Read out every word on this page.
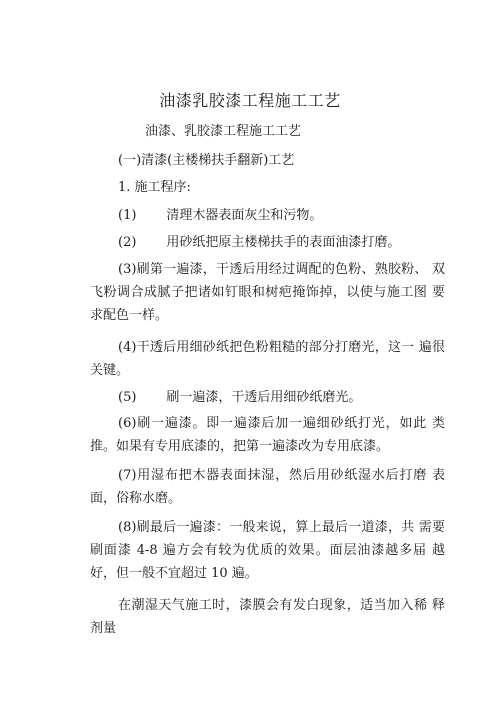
油漆乳胶漆工程施工工艺
油漆、乳胶漆工程施工工艺
(一)清漆(主楼梯扶手翻新)工艺
1. 施工程序:
(1) 清理木器表面灰尘和污物。
(2) 用砂纸把原主楼梯扶手的表面油漆打磨。
(3)刷第一遍漆，干透后用经过调配的色粉、熟胶粉、 双飞粉调合成腻子把诸如钉眼和树疤掩饰掉，以使与施工图 要求配色一样。
(4)干透后用细砂纸把色粉粗糙的部分打磨光，这一 遍很关键。
(5) 刷一遍漆，干透后用细砂纸磨光。
(6)刷一遍漆。即一遍漆后加一遍细砂纸打光，如此 类推。如果有专用底漆的，把第一遍漆改为专用底漆。
(7)用湿布把木器表面抹湿，然后用砂纸湿水后打磨 表面，俗称水磨。
(8)刷最后一遍漆：一般来说，算上最后一道漆，共 需要刷面漆 4-8 遍方会有较为优质的效果。面层油漆越多届 越好，但一般不宜超过 10 遍。
在潮湿天气施工时，漆膜会有发白现象，适当加入稀 释剂量
